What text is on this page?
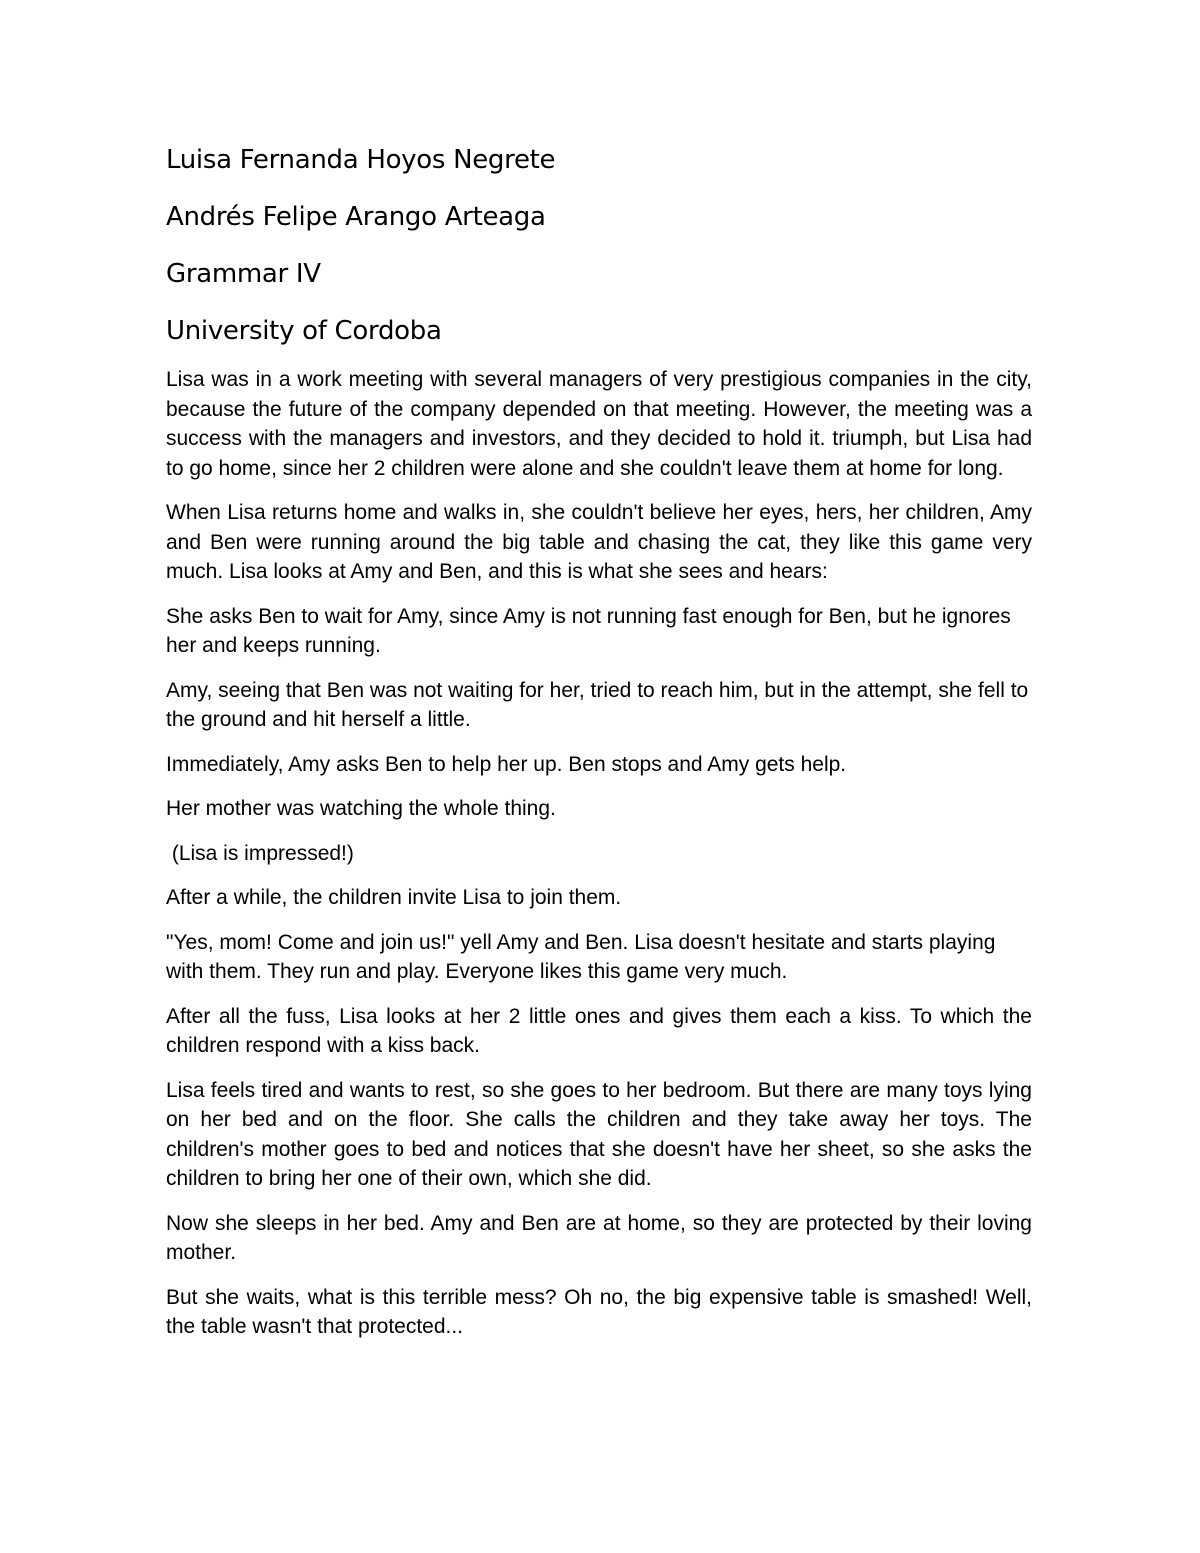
Luisa Fernanda Hoyos Negrete
Andrés Felipe Arango Arteaga
Grammar IV
University of Cordoba

Lisa was in a work meeting with several managers of very prestigious companies in the city, because the future of the company depended on that meeting. However, the meeting was a success with the managers and investors, and they decided to hold it. triumph, but Lisa had to go home, since her 2 children were alone and she couldn't leave them at home for long.

When Lisa returns home and walks in, she couldn't believe her eyes, hers, her children, Amy and Ben were running around the big table and chasing the cat, they like this game very much. Lisa looks at Amy and Ben, and this is what she sees and hears:

She asks Ben to wait for Amy, since Amy is not running fast enough for Ben, but he ignores her and keeps running.

Amy, seeing that Ben was not waiting for her, tried to reach him, but in the attempt, she fell to the ground and hit herself a little.

Immediately, Amy asks Ben to help her up. Ben stops and Amy gets help.

Her mother was watching the whole thing.

(Lisa is impressed!)

After a while, the children invite Lisa to join them.

"Yes, mom! Come and join us!" yell Amy and Ben. Lisa doesn't hesitate and starts playing with them. They run and play. Everyone likes this game very much.

After all the fuss, Lisa looks at her 2 little ones and gives them each a kiss. To which the children respond with a kiss back.

Lisa feels tired and wants to rest, so she goes to her bedroom. But there are many toys lying on her bed and on the floor. She calls the children and they take away her toys. The children's mother goes to bed and notices that she doesn't have her sheet, so she asks the children to bring her one of their own, which she did.

Now she sleeps in her bed. Amy and Ben are at home, so they are protected by their loving mother.

But she waits, what is this terrible mess? Oh no, the big expensive table is smashed! Well, the table wasn't that protected...
